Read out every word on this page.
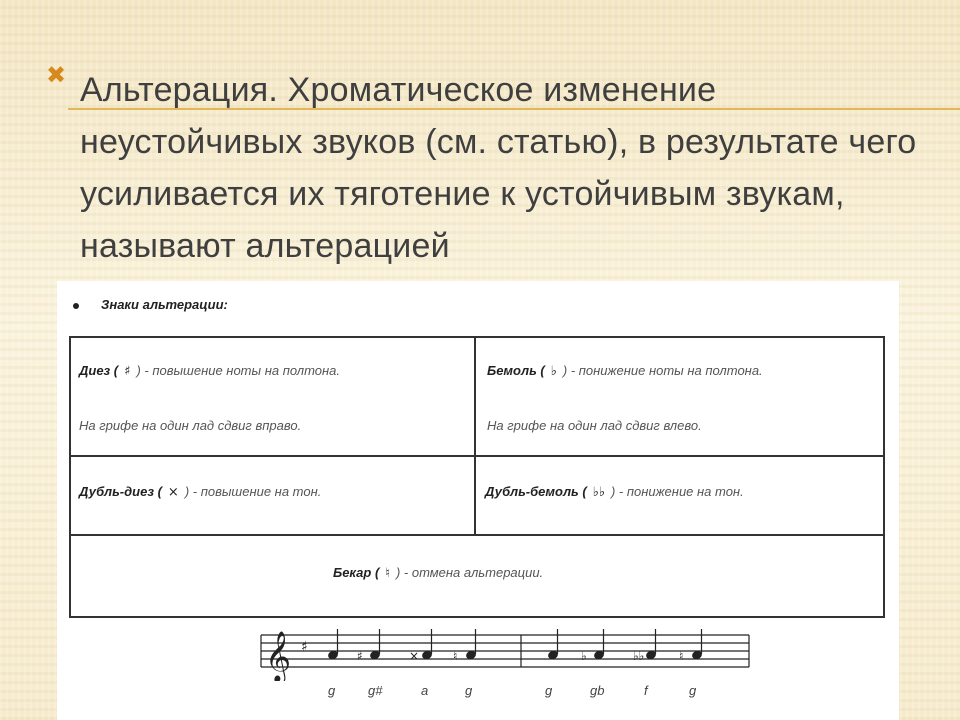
✖ Альтерация. Хроматическое изменение неустойчивых звуков (см. статью), в результате чего усиливается их тяготение к устойчивым звукам, называют альтерацией
Знаки альтерации:
Диез ( ♯ ) - повышение ноты на полтона.
На грифе на один лад сдвиг вправо.
Бемоль ( ♭ ) - понижение ноты на полтона.
На грифе на один лад сдвиг влево.
Дубль-диез ( × ) - повышение на тон.	Дубль-бемоль ( ♭♭ ) - понижение на тон.
Бекар ( ♮ ) - отмена альтерации.
𝄞 ♯
♯	×	♮	♭	♭♭	♮
g	g#	a	g	g	gb	f	g
